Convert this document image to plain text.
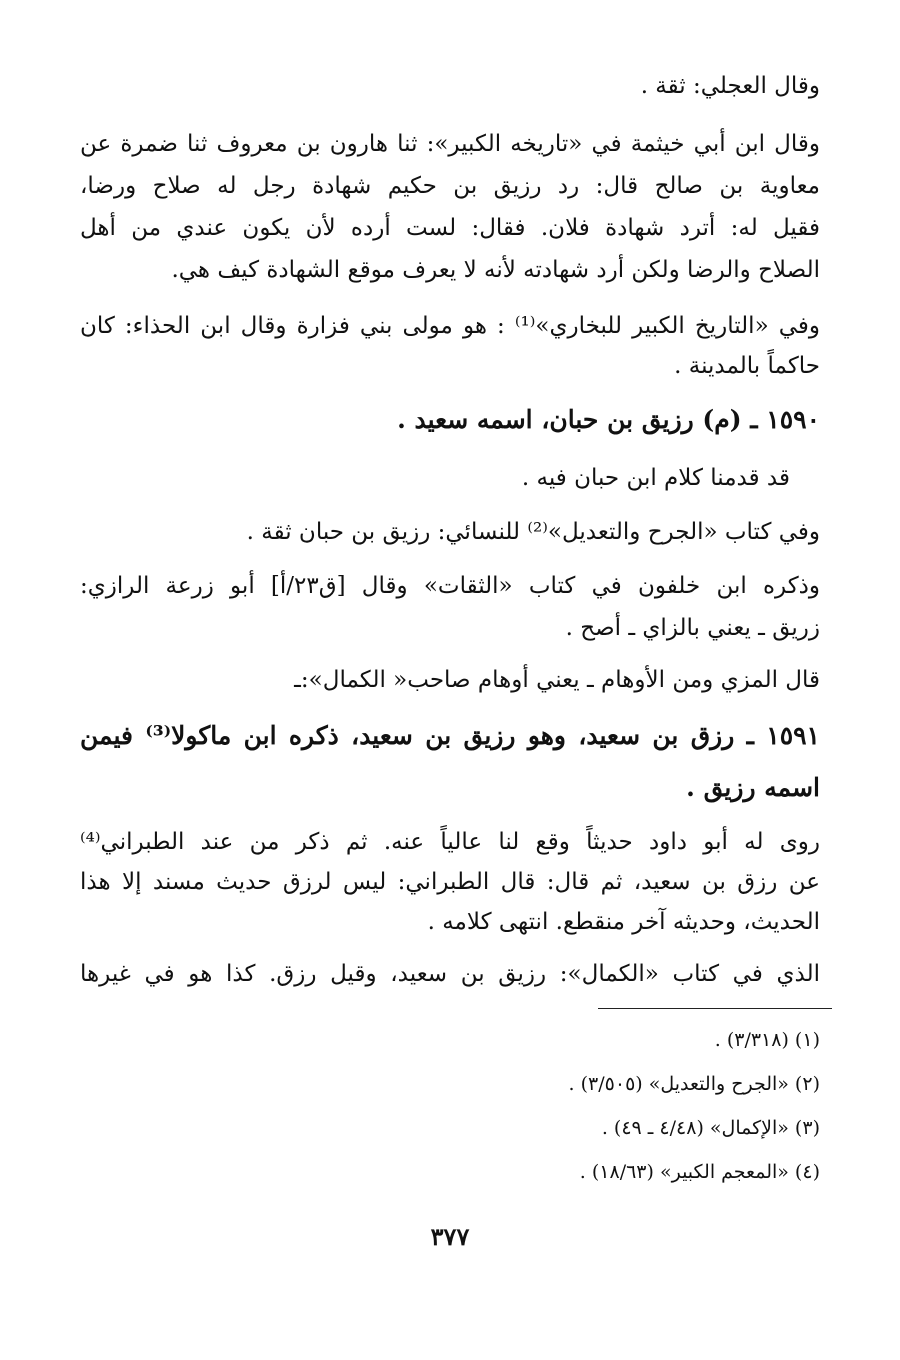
وقال العجلي: ثقة .
وقال ابن أبي خيثمة في «تاريخه الكبير»: ثنا هارون بن معروف ثنا ضمرة عن
معاوية بن صالح قال: رد رزيق بن حكيم شهادة رجل له صلاح ورضا،
فقيل له: أترد شهادة فلان. فقال: لست أرده لأن يكون عندي من أهل
الصلاح والرضا ولكن أرد شهادته لأنه لا يعرف موقع الشهادة كيف هي.
وفي «التاريخ الكبير للبخاري»⁽¹⁾ : هو مولى بني فزارة وقال ابن الحذاء: كان
حاكماً بالمدينة .
١٥٩٠ ـ (م) رزيق بن حبان، اسمه سعيد .
قد قدمنا كلام ابن حبان فيه .
وفي كتاب «الجرح والتعديل»⁽²⁾ للنسائي: رزيق بن حبان ثقة .
وذكره ابن خلفون في كتاب «الثقات» وقال [ق٢٣/أ] أبو زرعة الرازي:
زريق ـ يعني بالزاي ـ أصح .
قال المزي ومن الأوهام ـ يعني أوهام صاحب« الكمال»:ـ
١٥٩١ ـ رزق بن سعيد، وهو رزيق بن سعيد، ذكره ابن ماكولا⁽³⁾ فيمن
اسمه رزيق .
روى له أبو داود حديثاً وقع لنا عالياً عنه. ثم ذكر من عند الطبراني⁽⁴⁾
عن رزق بن سعيد، ثم قال: قال الطبراني: ليس لرزق حديث مسند إلا هذا
الحديث، وحديثه آخر منقطع. انتهى كلامه .
الذي في كتاب «الكمال»: رزيق بن سعيد، وقيل رزق. كذا هو في غيرها
(١) (٣/٣١٨) .
(٢) «الجرح والتعديل» (٣/٥٠٥) .
(٣) «الإكمال» (٤/٤٨ ـ ٤٩) .
(٤) «المعجم الكبير» (١٨/٦٣) .
٣٧٧
